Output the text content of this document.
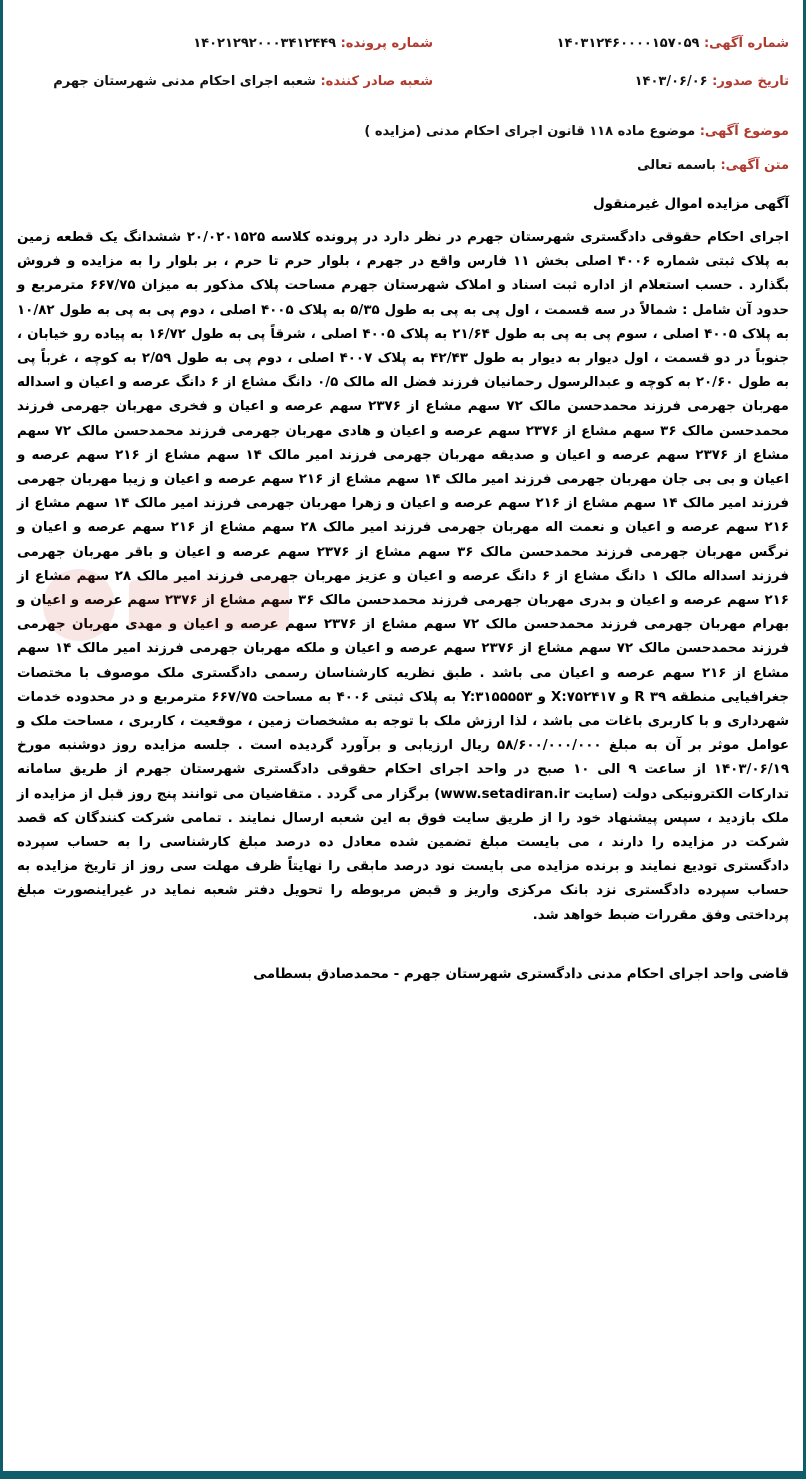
شماره آگهی: ۱۴۰۳۱۲۴۶۰۰۰۰۱۵۷۰۵۹
شماره پرونده: ۱۴۰۲۱۲۹۲۰۰۰۳۴۱۲۴۴۹
تاریخ صدور: ۱۴۰۳/۰۶/۰۶
شعبه صادر کننده: شعبه اجرای احکام مدنی شهرستان جهرم
موضوع آگهی: موضوع ماده ۱۱۸ قانون اجرای احکام مدنی (مزایده )
متن آگهی: باسمه تعالی
آگهی مزایده اموال غیرمنقول
اجرای احکام حقوقی دادگستری شهرستان جهرم در نظر دارد در پرونده کلاسه ۲۰/۰۲۰۱۵۲۵ ششدانگ یک قطعه زمین به پلاک ثبتی شماره ۴۰۰۶ اصلی بخش ۱۱ فارس واقع در جهرم ، بلوار حرم تا حرم ، بر بلوار را به مزایده و فروش بگذارد . حسب استعلام از اداره ثبت اسناد و املاک شهرستان جهرم مساحت پلاک مذکور به میزان ۶۶۷/۷۵ مترمربع و حدود آن شامل : شمالاً در سه قسمت ، اول پی به پی به طول ۵/۳۵ به پلاک ۴۰۰۵ اصلی ، دوم پی به پی به طول ۱۰/۸۲ به پلاک ۴۰۰۵ اصلی ، سوم پی به پی به طول ۲۱/۶۴ به پلاک ۴۰۰۵ اصلی ، شرقاً پی به طول ۱۶/۷۲ به پیاده رو خیابان ، جنوباً در دو قسمت ، اول دیوار به دیوار به طول ۴۲/۴۳ به پلاک ۴۰۰۷ اصلی ، دوم پی به طول ۲/۵۹ به کوچه ، غرباً پی به طول ۲۰/۶۰ به کوچه و عبدالرسول رحمانیان فرزند فضل اله مالک ۰/۵ دانگ مشاع از ۶ دانگ عرصه و اعیان و اسداله مهربان جهرمی فرزند محمدحسن مالک ۷۲ سهم مشاع از ۲۳۷۶ سهم عرصه و اعیان و فخری مهربان جهرمی فرزند محمدحسن مالک ۳۶ سهم مشاع از ۲۳۷۶ سهم عرصه و اعیان و هادی مهربان جهرمی فرزند محمدحسن مالک ۷۲ سهم مشاع از ۲۳۷۶ سهم عرصه و اعیان و صدیقه مهربان جهرمی فرزند امیر مالک ۱۴ سهم مشاع از ۲۱۶ سهم عرصه و اعیان و بی بی جان مهربان جهرمی فرزند امیر مالک ۱۴ سهم مشاع از ۲۱۶ سهم عرصه و اعیان و زیبا مهربان جهرمی فرزند امیر مالک ۱۴ سهم مشاع از ۲۱۶ سهم عرصه و اعیان و زهرا مهربان جهرمی فرزند امیر مالک ۱۴ سهم مشاع از ۲۱۶ سهم عرصه و اعیان و نعمت اله مهربان جهرمی فرزند امیر مالک ۲۸ سهم مشاع از ۲۱۶ سهم عرصه و اعیان و نرگس مهربان جهرمی فرزند محمدحسن مالک ۳۶ سهم مشاع از ۲۳۷۶ سهم عرصه و اعیان و باقر مهربان جهرمی فرزند اسداله مالک ۱ دانگ مشاع از ۶ دانگ عرصه و اعیان و عزیز مهربان جهرمی فرزند امیر مالک ۲۸ سهم مشاع از ۲۱۶ سهم عرصه و اعیان و بدری مهربان جهرمی فرزند محمدحسن مالک ۳۶ سهم مشاع از ۲۳۷۶ سهم عرصه و اعیان و بهرام مهربان جهرمی فرزند محمدحسن مالک ۷۲ سهم مشاع از ۲۳۷۶ سهم عرصه و اعیان و مهدی مهربان جهرمی فرزند محمدحسن مالک ۷۲ سهم مشاع از ۲۳۷۶ سهم عرصه و اعیان و ملکه مهربان جهرمی فرزند امیر مالک ۱۴ سهم مشاع از ۲۱۶ سهم عرصه و اعیان می باشد . طبق نظریه کارشناسان رسمی دادگستری ملک موصوف با مختصات جغرافیایی منطقه ۳۹ R و X:۷۵۲۴۱۷ و Y:۳۱۵۵۵۵۳ به پلاک ثبتی ۴۰۰۶ به مساحت ۶۶۷/۷۵ مترمربع و در محدوده خدمات شهرداری و با کاربری باغات می باشد ، لذا ارزش ملک با توجه به مشخصات زمین ، موقعیت ، کاربری ، مساحت ملک و عوامل موثر بر آن به مبلغ ۵۸/۶۰۰/۰۰۰/۰۰۰ ریال ارزیابی و برآورد گردیده است . جلسه مزایده روز دوشنبه مورخ ۱۴۰۳/۰۶/۱۹ از ساعت ۹ الی ۱۰ صبح در واحد اجرای احکام حقوقی دادگستری شهرستان جهرم از طریق سامانه تدارکات الکترونیکی دولت (سایت www.setadiran.ir) برگزار می گردد . متقاضیان می توانند پنج روز قبل از مزایده از ملک بازدید ، سپس پیشنهاد خود را از طریق سایت فوق به این شعبه ارسال نمایند . تمامی شرکت کنندگان که قصد شرکت در مزایده را دارند ، می بایست مبلغ تضمین شده معادل ده درصد مبلغ کارشناسی را به حساب سپرده دادگستری تودیع نمایند و برنده مزایده می بایست نود درصد مابقی را نهایتاً ظرف مهلت سی روز از تاریخ مزایده به حساب سپرده دادگستری نزد بانک مرکزی واریز و قبض مربوطه را تحویل دفتر شعبه نماید در غیراینصورت مبلغ پرداختی وفق مقررات ضبط خواهد شد.
قاضی واحد اجرای احکام مدنی دادگستری شهرستان جهرم - محمدصادق بسطامی
